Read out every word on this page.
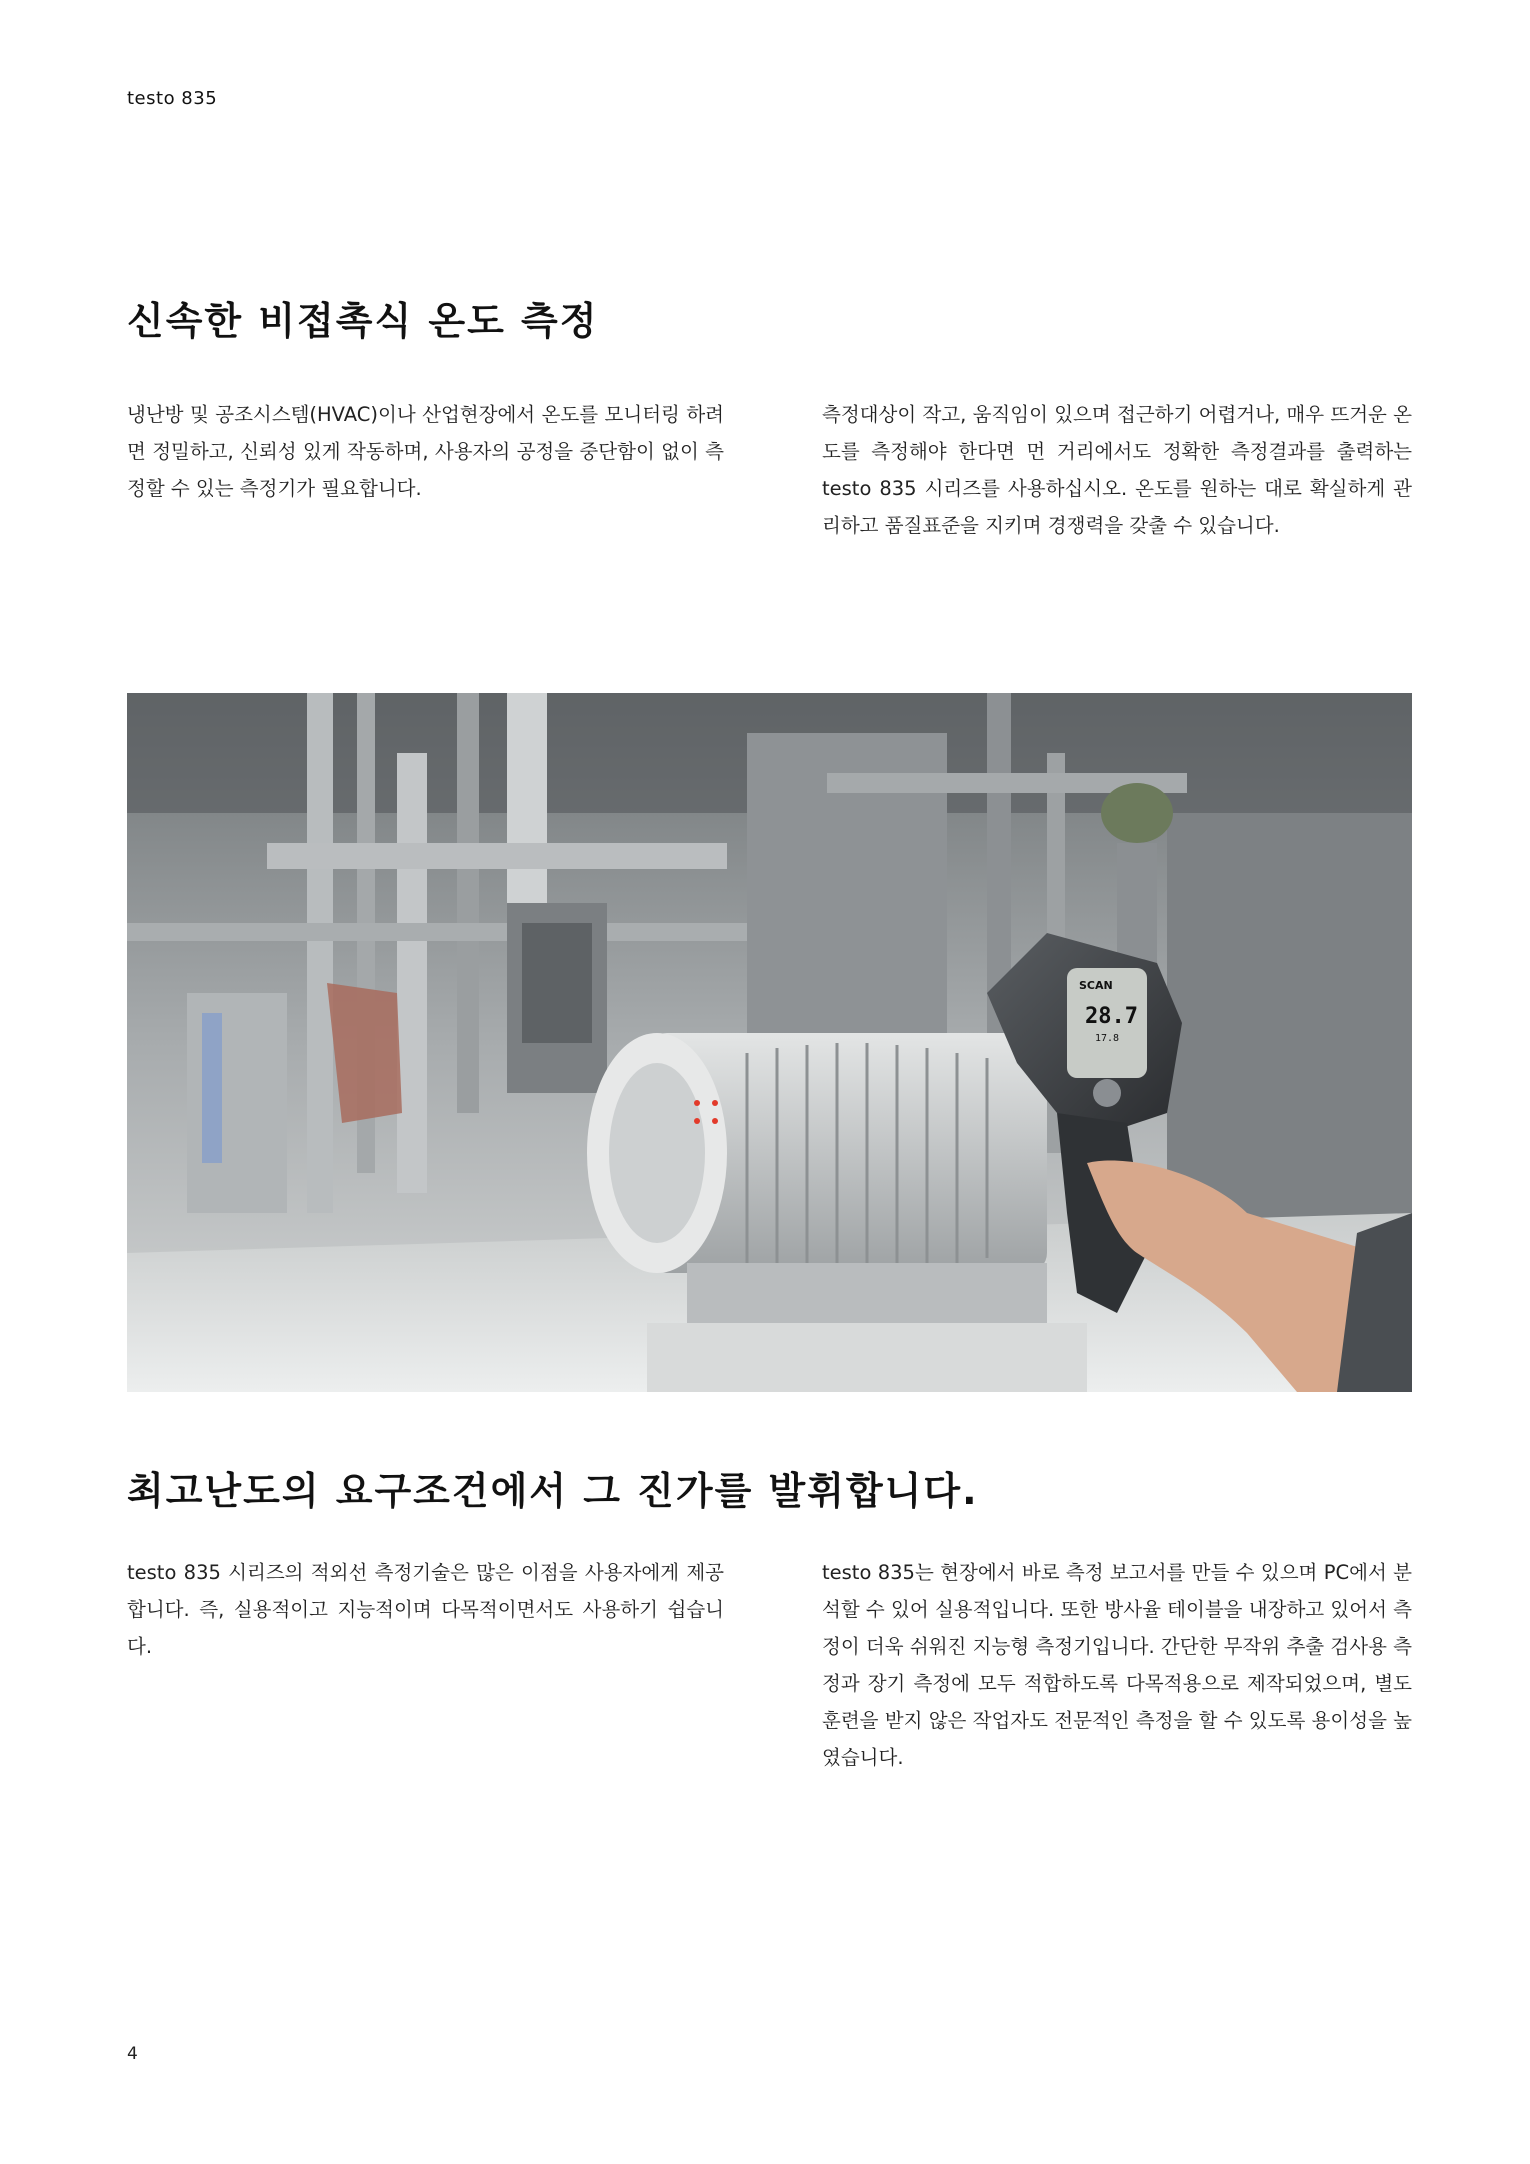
testo 835
신속한 비접촉식 온도 측정

냉난방 및 공조시스템(HVAC)이나 산업현장에서 온도를 모니터링 하려면 정밀하고, 신뢰성 있게 작동하며, 사용자의 공정을 중단함이 없이 측정할 수 있는 측정기가 필요합니다.

측정대상이 작고, 움직임이 있으며 접근하기 어렵거나, 매우 뜨거운 온도를 측정해야 한다면 먼 거리에서도 정확한 측정결과를 출력하는 testo 835 시리즈를 사용하십시오. 온도를 원하는 대로 확실하게 관리하고 품질표준을 지키며 경쟁력을 갖출 수 있습니다.

SCAN
28.7
17.8
최고난도의 요구조건에서 그 진가를 발휘합니다.

testo 835 시리즈의 적외선 측정기술은 많은 이점을 사용자에게 제공합니다. 즉, 실용적이고 지능적이며 다목적이면서도 사용하기 쉽습니다.

testo 835는 현장에서 바로 측정 보고서를 만들 수 있으며 PC에서 분석할 수 있어 실용적입니다. 또한 방사율 테이블을 내장하고 있어서 측정이 더욱 쉬워진 지능형 측정기입니다. 간단한 무작위 추출 검사용 측정과 장기 측정에 모두 적합하도록 다목적용으로 제작되었으며, 별도 훈련을 받지 않은 작업자도 전문적인 측정을 할 수 있도록 용이성을 높였습니다.

4
